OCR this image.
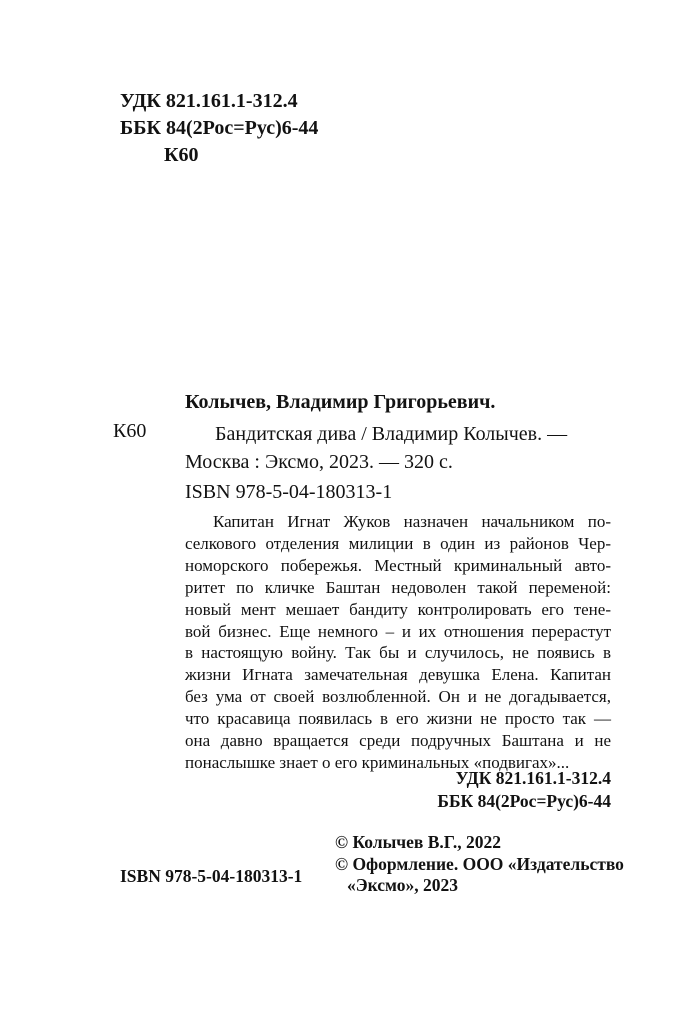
УДК 821.161.1-312.4
ББК 84(2Рос=Рус)6-44
К60
Колычев, Владимир Григорьевич.
К60	Бандитская дива / Владимир Колычев. —
Москва : Эксмо, 2023. — 320 с.
ISBN 978-5-04-180313-1
Капитан Игнат Жуков назначен начальником по-
селкового отделения милиции в один из районов Чер-
номорского побережья. Местный криминальный авто-
ритет по кличке Баштан недоволен такой переменой:
новый мент мешает бандиту контролировать его тене-
вой бизнес. Еще немного – и их отношения перерастут
в настоящую войну. Так бы и случилось, не появись в
жизни Игната замечательная девушка Елена. Капитан
без ума от своей возлюбленной. Он и не догадывается,
что красавица появилась в его жизни не просто так —
она давно вращается среди подручных Баштана и не
понаслышке знает о его криминальных «подвигах»...
УДК 821.161.1-312.4
ББК 84(2Рос=Рус)6-44
© Колычев В.Г., 2022
© Оформление. ООО «Издательство
«Эксмо», 2023
ISBN 978-5-04-180313-1
